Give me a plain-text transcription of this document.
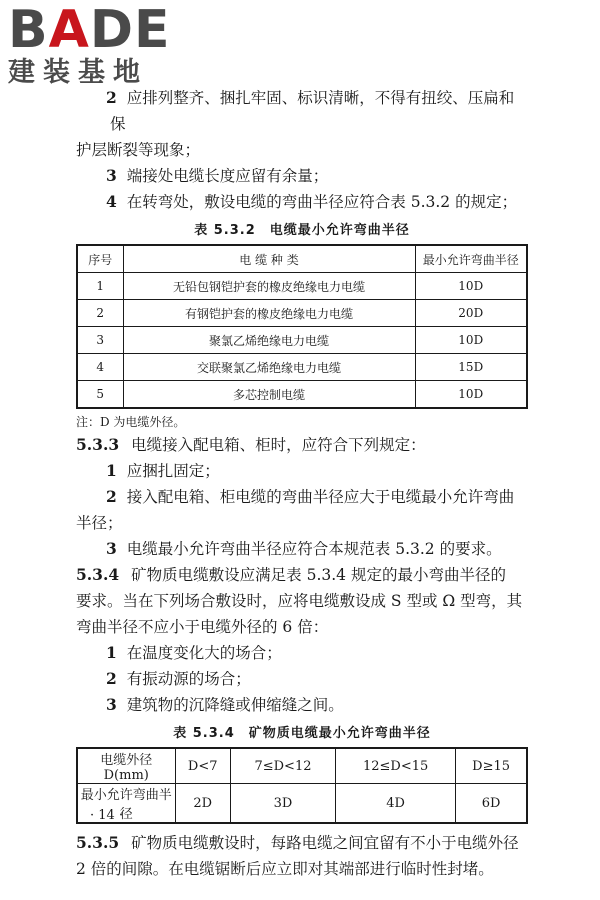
BADE
建装基地

2 应排列整齐、捆扎牢固、标识清晰，不得有扭绞、压扁和保

护层断裂等现象；

3 端接处电缆长度应留有余量；

4 在转弯处，敷设电缆的弯曲半径应符合表 5.3.2 的规定；

表 5.3.2 电缆最小允许弯曲半径
序号	电 缆 种 类	最小允许弯曲半径
1	无铅包钢铠护套的橡皮绝缘电力电缆	10D
2	有钢铠护套的橡皮绝缘电力电缆	20D
3	聚氯乙烯绝缘电力电缆	10D
4	交联聚氯乙烯绝缘电力电缆	15D
5	多芯控制电缆	10D

注：D 为电缆外径。

5.3.3 电缆接入配电箱、柜时，应符合下列规定：

1 应捆扎固定；

2 接入配电箱、柜电缆的弯曲半径应大于电缆最小允许弯曲

半径；

3 电缆最小允许弯曲半径应符合本规范表 5.3.2 的要求。

5.3.4 矿物质电缆敷设应满足表 5.3.4 规定的最小弯曲半径的

要求。当在下列场合敷设时，应将电缆敷设成 S 型或 Ω 型弯，其

弯曲半径不应小于电缆外径的 6 倍：

1 在温度变化大的场合；

2 有振动源的场合；

3 建筑物的沉降缝或伸缩缝之间。

表 5.3.4 矿物质电缆最小允许弯曲半径
电缆外径 D(mm)	D<7	7≤D<12	12≤D<15	D≥15
最小允许弯曲半径	2D	3D	4D	6D

5.3.5 矿物质电缆敷设时，每路电缆之间宜留有不小于电缆外径

2 倍的间隙。在电缆锯断后应立即对其端部进行临时性封堵。

· 14 ·
